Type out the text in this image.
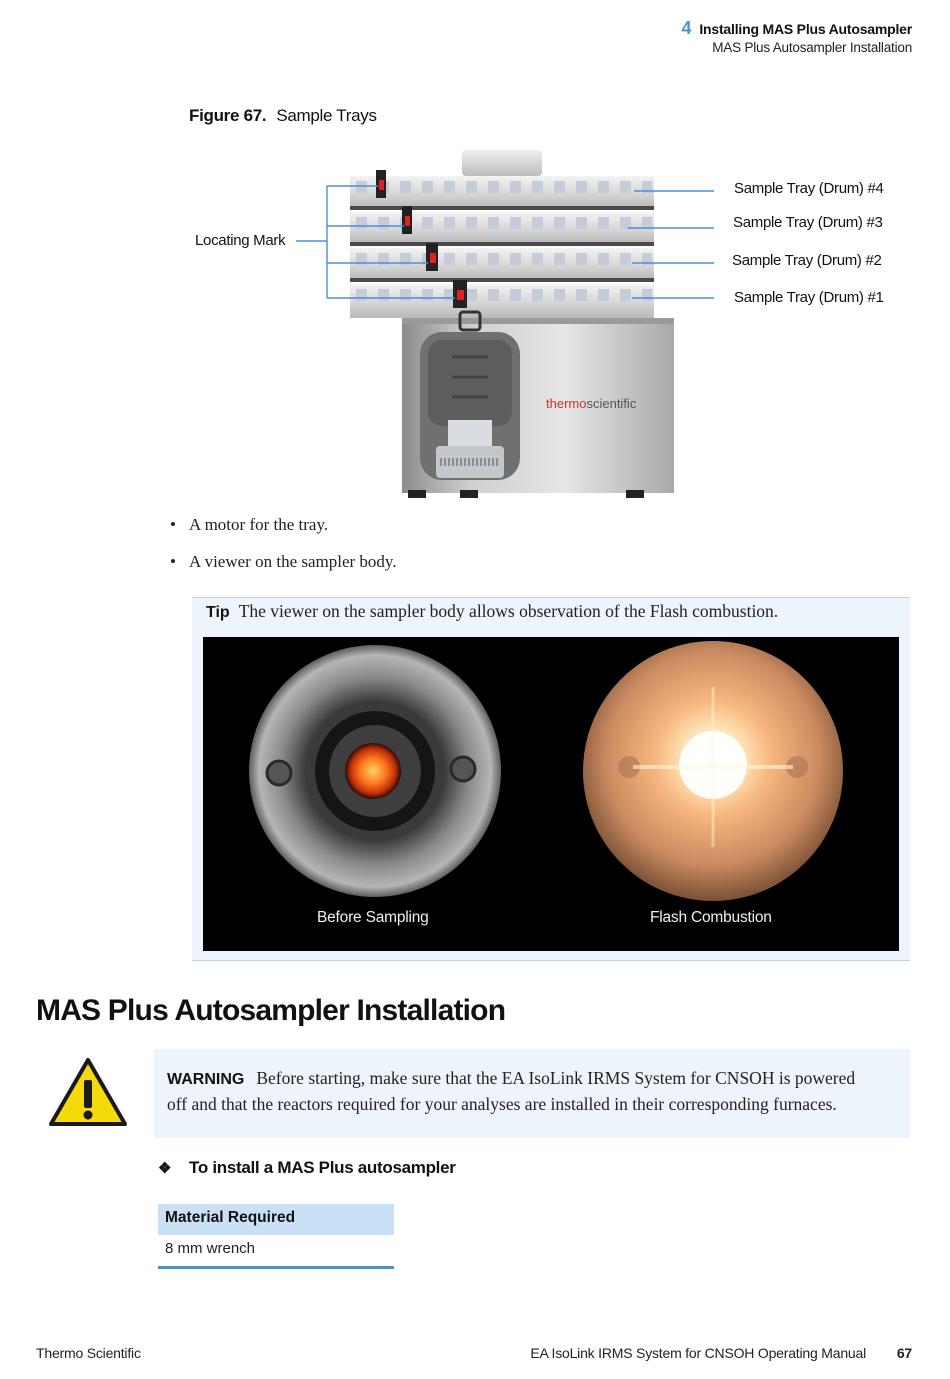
4 Installing MAS Plus Autosampler
MAS Plus Autosampler Installation
Figure 67. Sample Trays
thermoscientific
Locating Mark
Sample Tray (Drum) #4
Sample Tray (Drum) #3
Sample Tray (Drum) #2
Sample Tray (Drum) #1
• A motor for the tray.
• A viewer on the sampler body.
Tip The viewer on the sampler body allows observation of the Flash combustion.
Before Sampling	Flash Combustion
MAS Plus Autosampler Installation
WARNING Before starting, make sure that the EA IsoLink IRMS System for CNSOH is powered
off and that the reactors required for your analyses are installed in their corresponding furnaces.
❖ To install a MAS Plus autosampler
Material Required
8 mm wrench
Thermo Scientific	EA IsoLink IRMS System for CNSOH Operating Manual 67
